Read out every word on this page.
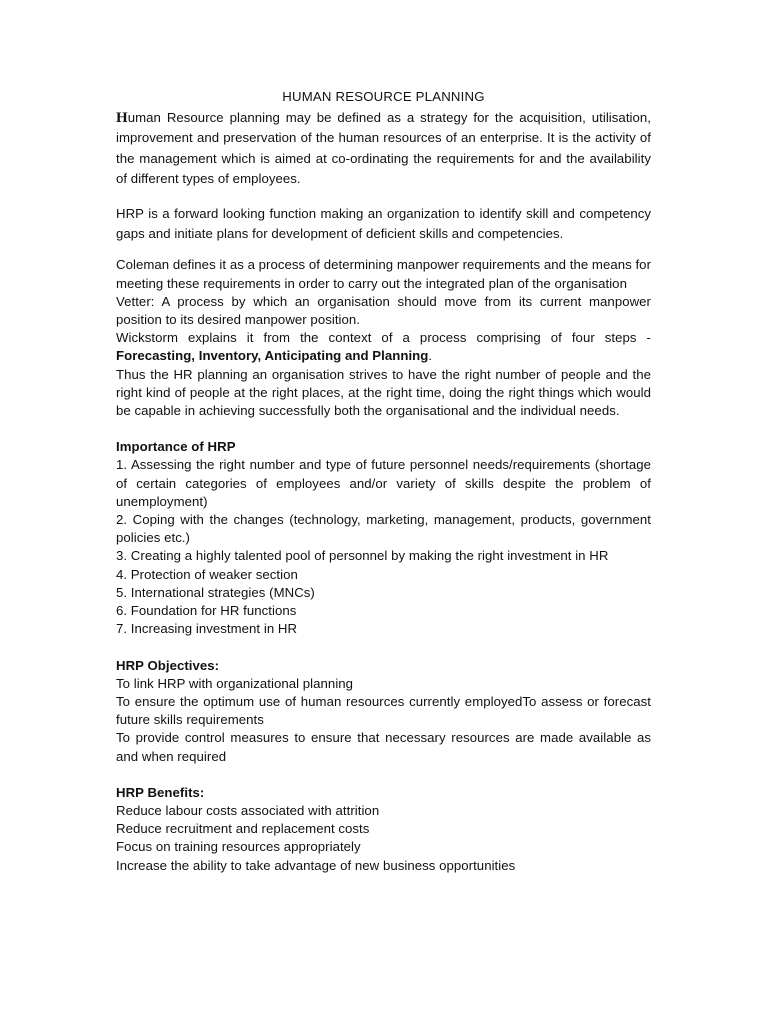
HUMAN RESOURCE PLANNING

Human Resource planning may be defined as a strategy for the acquisition, utilisation, improvement and preservation of the human resources of an enterprise. It is the activity of the management which is aimed at co-ordinating the requirements for and the availability of different types of employees.

HRP is a forward looking function making an organization to identify skill and competency gaps and initiate plans for development of deficient skills and competencies.

Coleman defines it as a process of determining manpower requirements and the means for meeting these requirements in order to carry out the integrated plan of the organisation

Vetter: A process by which an organisation should move from its current manpower position to its desired manpower position.

Wickstorm explains it from the context of a process comprising of four steps - Forecasting, Inventory, Anticipating and Planning.

Thus the HR planning an organisation strives to have the right number of people and the right kind of people at the right places, at the right time, doing the right things which would be capable in achieving successfully both the organisational and the individual needs.

Importance of HRP

1. Assessing the right number and type of future personnel needs/requirements (shortage of certain categories of employees and/or variety of skills despite the problem of unemployment)

2. Coping with the changes (technology, marketing, management, products, government policies etc.)

3. Creating a highly talented pool of personnel by making the right investment in HR

4. Protection of weaker section

5. International strategies (MNCs)

6. Foundation for HR functions

7. Increasing investment in HR

HRP Objectives:

To link HRP with organizational planning

To ensure the optimum use of human resources currently employedTo assess or forecast future skills requirements

To provide control measures to ensure that necessary resources are made available as and when required

HRP Benefits:

Reduce labour costs associated with attrition

Reduce recruitment and replacement costs

Focus on training resources appropriately

Increase the ability to take advantage of new business opportunities
